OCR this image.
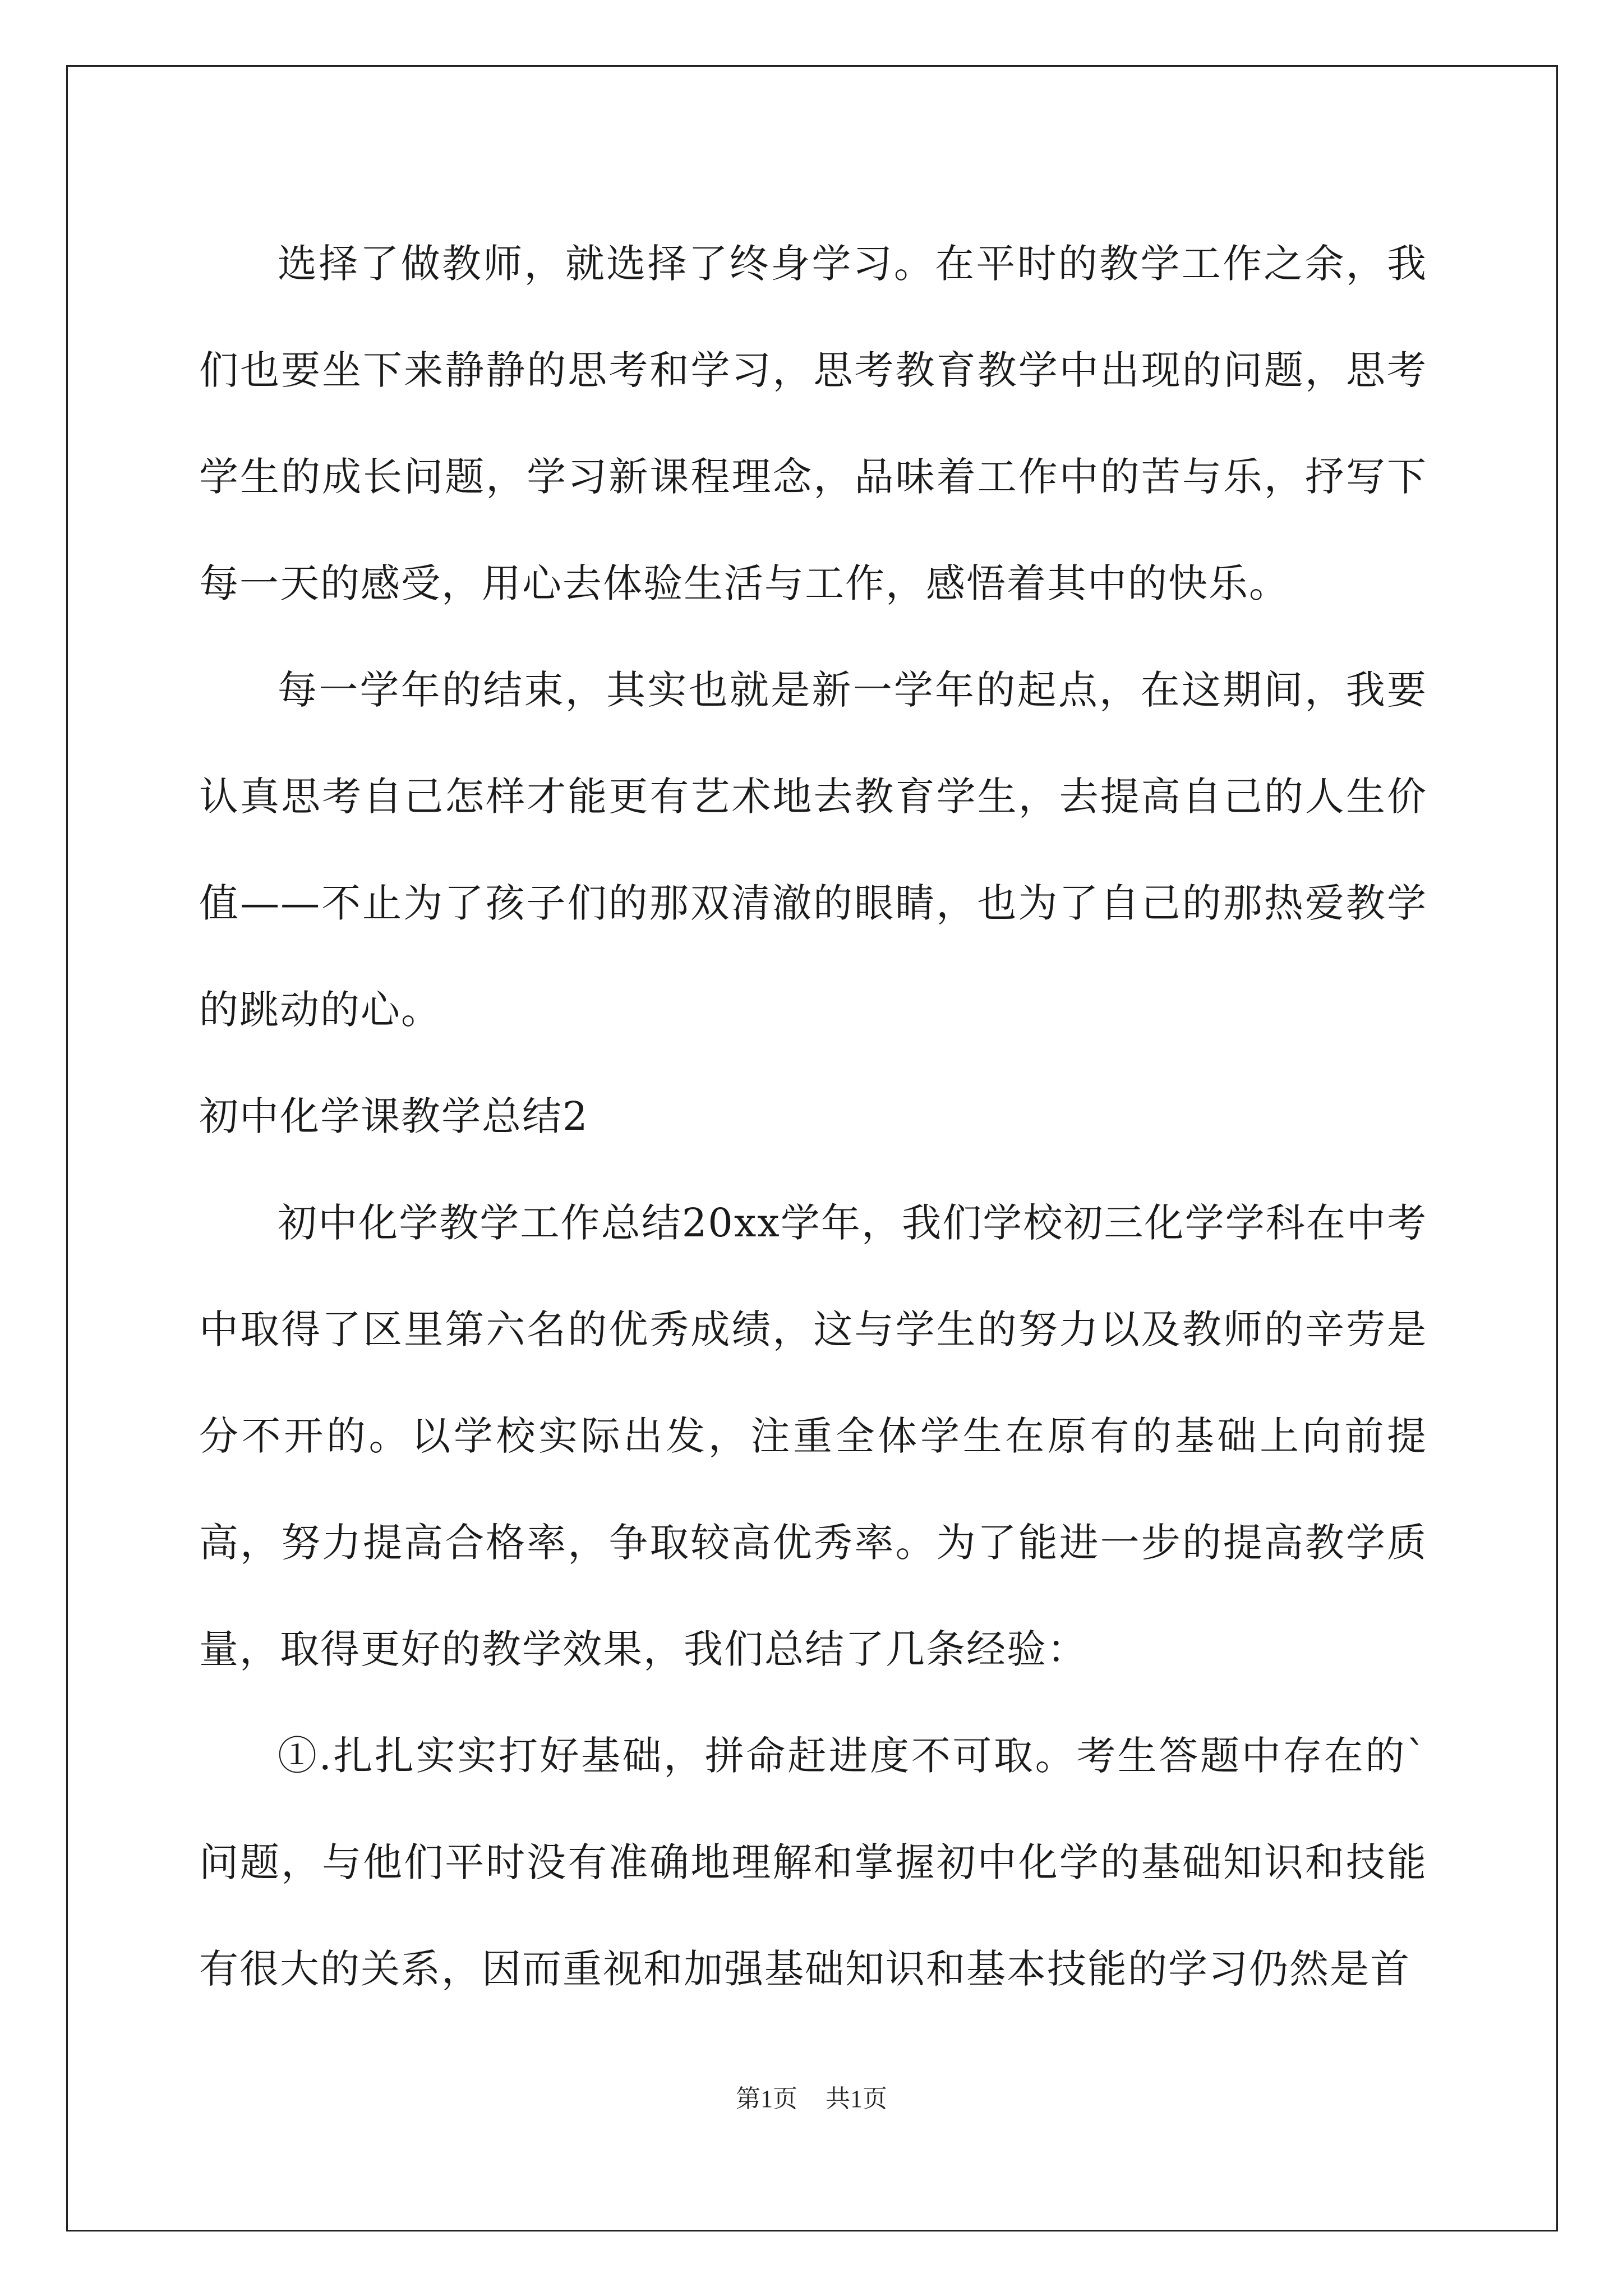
选择了做教师，就选择了终身学习。在平时的教学工作之余，我们也要坐下来静静的思考和学习，思考教育教学中出现的问题，思考学生的成长问题，学习新课程理念，品味着工作中的苦与乐，抒写下每一天的感受，用心去体验生活与工作，感悟着其中的快乐。

每一学年的结束，其实也就是新一学年的起点，在这期间，我要认真思考自己怎样才能更有艺术地去教育学生，去提高自己的人生价值——不止为了孩子们的那双清澈的眼睛，也为了自己的那热爱教学的跳动的心。

初中化学课教学总结2

初中化学教学工作总结20xx学年，我们学校初三化学学科在中考中取得了区里第六名的优秀成绩，这与学生的努力以及教师的辛劳是分不开的。以学校实际出发，注重全体学生在原有的基础上向前提高，努力提高合格率，争取较高优秀率。为了能进一步的提高教学质量，取得更好的教学效果，我们总结了几条经验：

①.扎扎实实打好基础，拼命赶进度不可取。考生答题中存在的`问题，与他们平时没有准确地理解和掌握初中化学的基础知识和技能有很大的关系，因而重视和加强基础知识和基本技能的学习仍然是首

第1页 共1页
